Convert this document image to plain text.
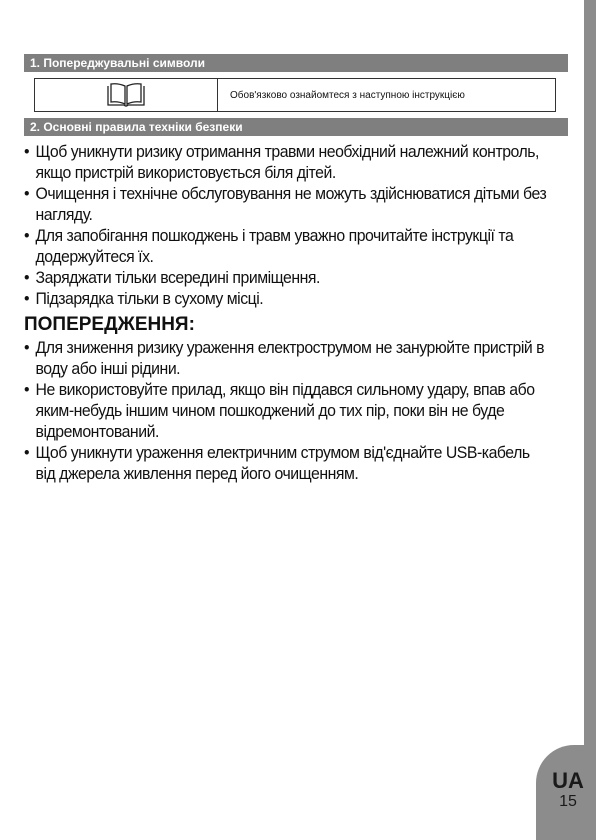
1. Попереджувальні символи
Обов'язково ознайомтеся з наступною інструкцією
2. Основні правила техніки безпеки
• Щоб уникнути ризику отримання травми необхідний належний контроль, якщо пристрій використовується біля дітей.
• Очищення і технічне обслуговування не можуть здійснюватися дітьми без нагляду.
• Для запобігання пошкоджень і травм уважно прочитайте інструкції та додержуйтеся їх.
• Заряджати тільки всередині приміщення.
• Підзарядка тільки в сухому місці.
ПОПЕРЕДЖЕННЯ:
• Для зниження ризику ураження електрострумом не занурюйте пристрій в воду або інші рідини.
• Не використовуйте прилад, якщо він піддався сильному удару, впав або яким-небудь іншим чином пошкоджений до тих пір, поки він не буде відремонтований.
• Щоб уникнути ураження електричним струмом від'єднайте USB-кабель від джерела живлення перед його очищенням.
UA
15
